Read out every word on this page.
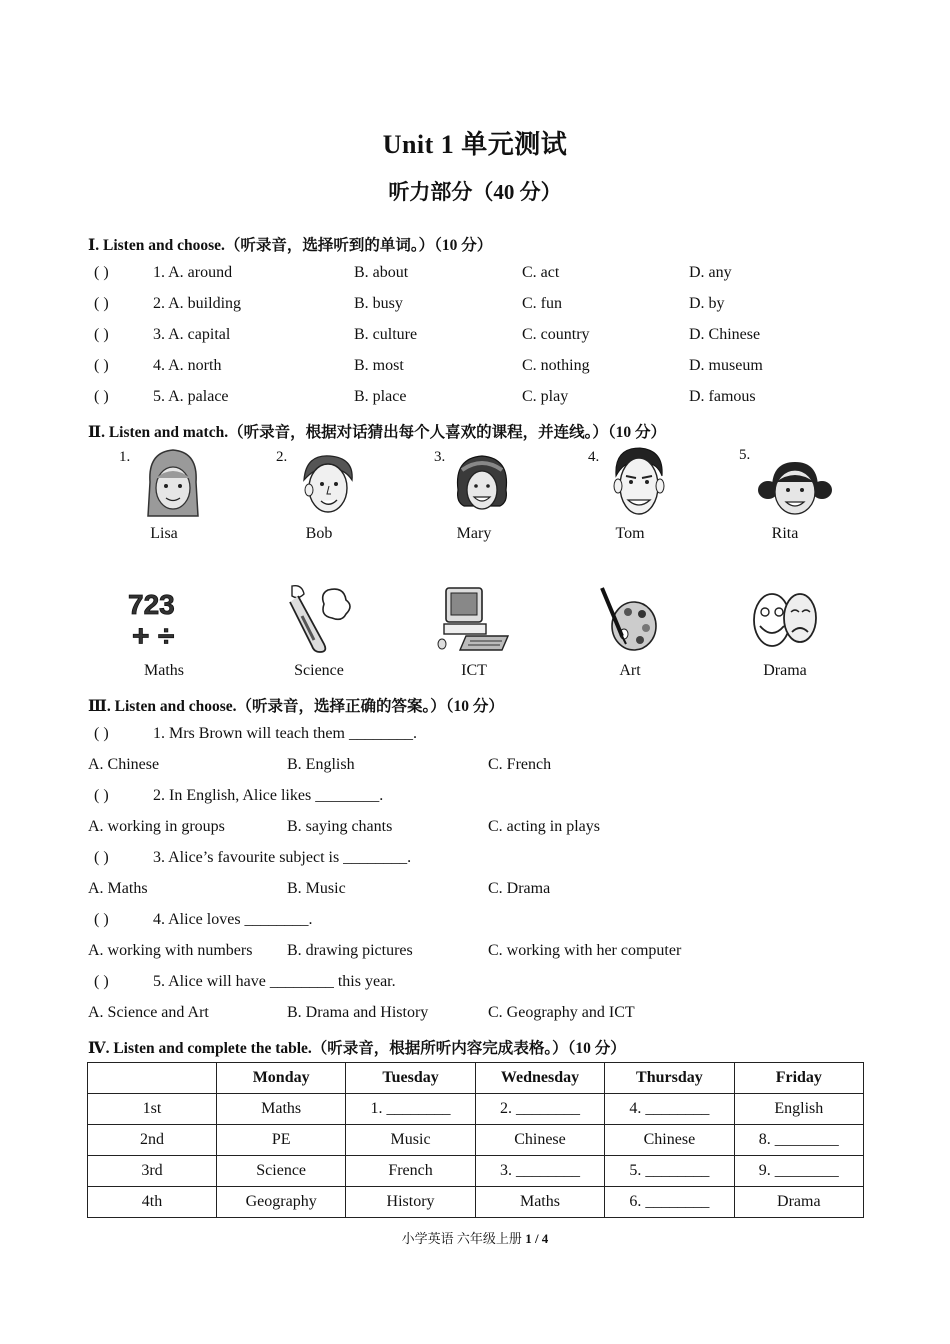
Unit 1 单元测试
听力部分（40 分）
Ⅰ. Listen and choose.（听录音，选择听到的单词。）（10 分）
( )	1. A. around	B. about	C. act	D. any
( )	2. A. building	B. busy	C. fun	D. by
( )	3. A. capital	B. culture	C. country	D. Chinese
( )	4. A. north	B. most	C. nothing	D. museum
( )	5. A. palace	B. place	C. play	D. famous
Ⅱ. Listen and match.（听录音，根据对话猜出每个人喜欢的课程，并连线。）（10 分）
1.	2.	3.	4.	5.
Lisa	Bob	Mary	Tom	Rita
723
+ ÷
Maths	Science	ICT	Art	Drama
Ⅲ. Listen and choose.（听录音，选择正确的答案。）（10 分）
( )	1. Mrs Brown will teach them ________.
A. Chinese	B. English	C. French
( )	2. In English, Alice likes ________.
A. working in groups	B. saying chants	C. acting in plays
( )	3. Alice’s favourite subject is ________.
A. Maths	B. Music	C. Drama
( )	4. Alice loves ________.
A. working with numbers B. drawing pictures	C. working with her computer
( )	5. Alice will have ________ this year.
A. Science and Art	B. Drama and History	C. Geography and ICT
Ⅳ. Listen and complete the table.（听录音，根据所听内容完成表格。）（10 分）
	Monday	Tuesday	Wednesday	Thursday	Friday
1st	Maths	1. ________	2. ________	4. ________	English
2nd	PE	Music	Chinese	Chinese	8. ________
3rd	Science	French	3. ________	5. ________	9. ________
4th	Geography	History	Maths	6. ________	Drama
小学英语 六年级上册 1 / 4
